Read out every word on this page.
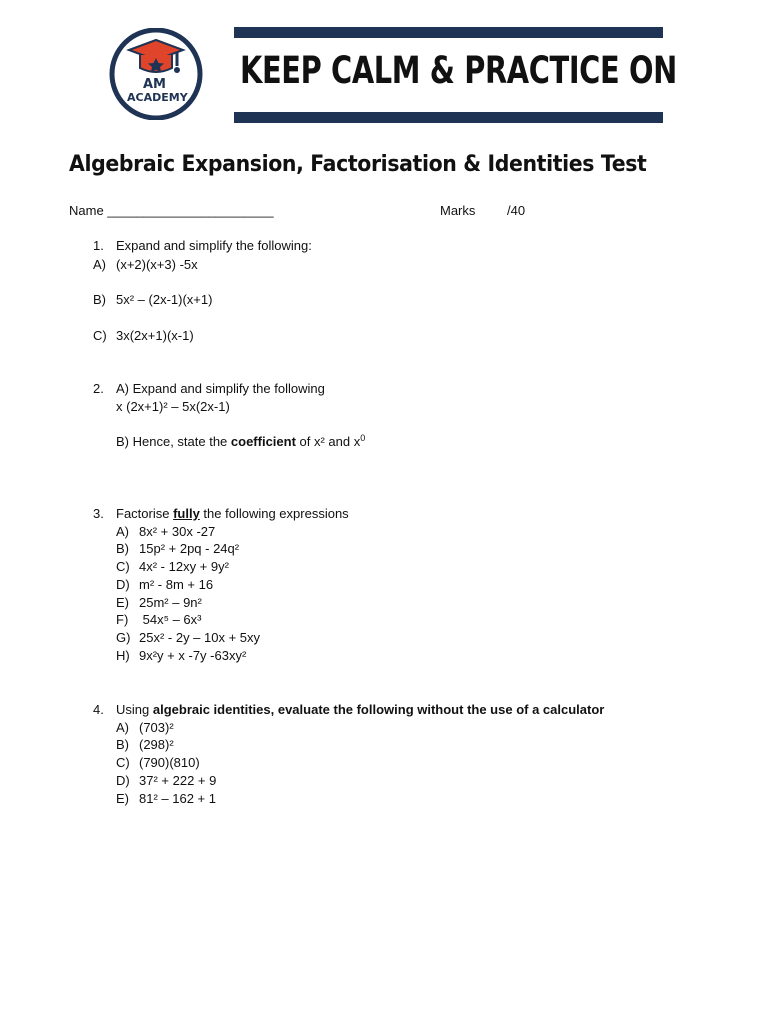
AM
ACADEMY
KEEP CALM & PRACTICE ON
Algebraic Expansion, Factorisation & Identities Test
Name _______________________	Marks /40
1. Expand and simplify the following:
A) (x+2)(x+3) -5x
B) 5x² – (2x-1)(x+1)
C) 3x(2x+1)(x-1)
2. A) Expand and simplify the following
x (2x+1)² – 5x(2x-1)
B) Hence, state the coefficient of x² and $x^0$
3. Factorise fully the following expressions
A) 8x² + 30x -27
B) 15p² + 2pq - 24q²
C) 4x² - 12xy + 9y²
D) m² - 8m + 16
E) 25m² – 9n²
F) 54x⁵ – 6x³
G) 25x² - 2y – 10x + 5xy
H) 9x²y + x -7y -63xy²
4. Using algebraic identities, evaluate the following without the use of a calculator
A) (703)²
B) (298)²
C) (790)(810)
D) 37² + 222 + 9
E) 81² – 162 + 1
